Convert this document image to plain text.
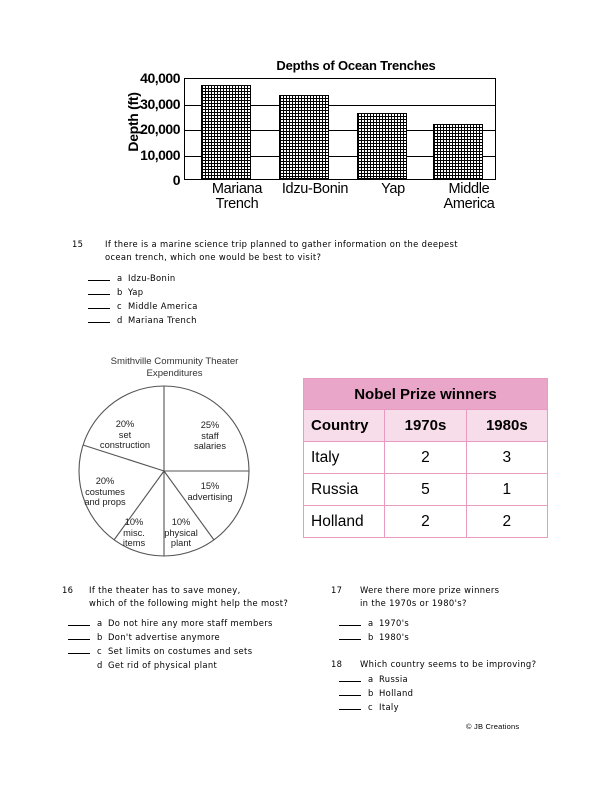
Depths of Ocean Trenches
Depth (ft)
40,000
30,000
20,000
10,000
0
Mariana
Trench
Idzu-Bonin	Yap	Middle
America
15	If there is a marine science trip planned to gather information on the deepest
ocean trench, which one would be best to visit?
a Idzu-Bonin
b Yap
c Middle America
d Mariana Trench
Smithville Community Theater
Expenditures
25%
staff
salaries
15%
advertising
10%
physical
plant
10%
misc.
items
20%
costumes
and props
20%
set
construction
Nobel Prize winners		
Country	1970s	1980s
Italy	2	3
Russia	5	1
Holland	2	2
16 If the theater has to save money,
which of the following might help the most?
a Do not hire any more staff members
b Don't advertise anymore
c Set limits on costumes and sets
d Get rid of physical plant
17 Were there more prize winners
in the 1970s or 1980's?
a 1970's
b 1980's
18 Which country seems to be improving?
a Russia
b Holland
c Italy
© JB Creations
